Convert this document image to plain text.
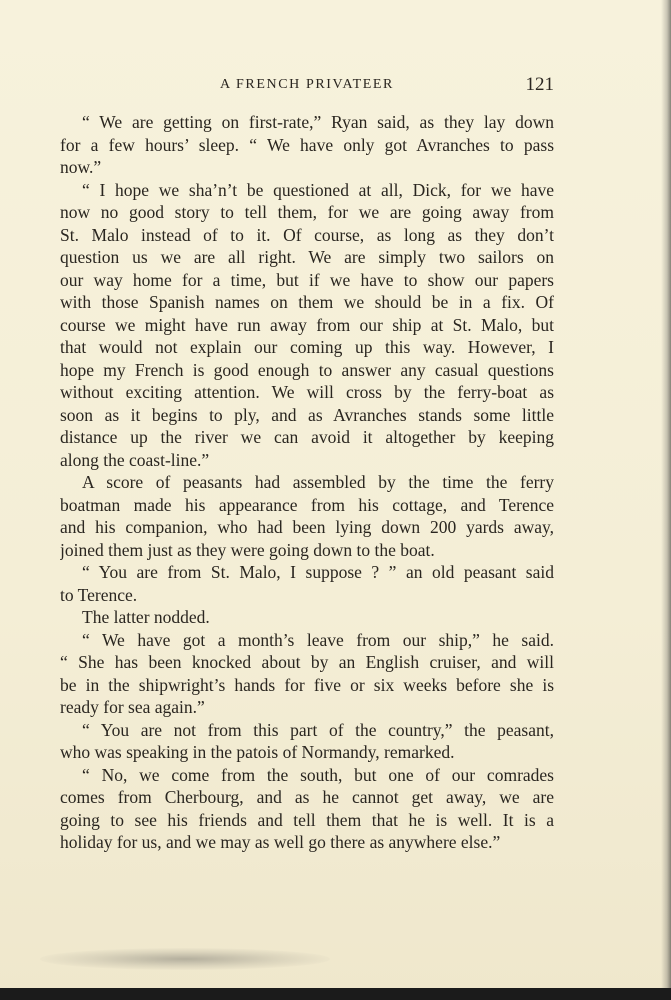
A FRENCH PRIVATEER	121
“ We are getting on first-rate,” Ryan said, as they lay down
for a few hours’ sleep. “ We have only got Avranches to pass
now.”
“ I hope we sha’n’t be questioned at all, Dick, for we have
now no good story to tell them, for we are going away from
St. Malo instead of to it. Of course, as long as they don’t
question us we are all right. We are simply two sailors on
our way home for a time, but if we have to show our papers
with those Spanish names on them we should be in a fix. Of
course we might have run away from our ship at St. Malo, but
that would not explain our coming up this way. However, I
hope my French is good enough to answer any casual questions
without exciting attention. We will cross by the ferry-boat as
soon as it begins to ply, and as Avranches stands some little
distance up the river we can avoid it altogether by keeping
along the coast-line.”
A score of peasants had assembled by the time the ferry
boatman made his appearance from his cottage, and Terence
and his companion, who had been lying down 200 yards away,
joined them just as they were going down to the boat.
“ You are from St. Malo, I suppose ? ” an old peasant said
to Terence.
The latter nodded.
“ We have got a month’s leave from our ship,” he said.
“ She has been knocked about by an English cruiser, and will
be in the shipwright’s hands for five or six weeks before she is
ready for sea again.”
“ You are not from this part of the country,” the peasant,
who was speaking in the patois of Normandy, remarked.
“ No, we come from the south, but one of our comrades
comes from Cherbourg, and as he cannot get away, we are
going to see his friends and tell them that he is well. It is a
holiday for us, and we may as well go there as anywhere else.”
